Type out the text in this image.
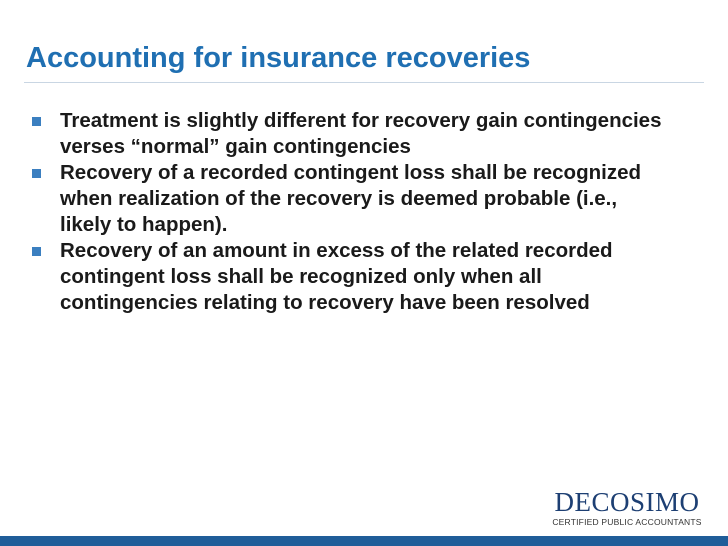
Accounting for insurance recoveries
Treatment is slightly different for recovery gain contingencies verses “normal” gain contingencies
Recovery of a recorded contingent loss shall be recognized when realization of the recovery is deemed probable (i.e., likely to happen).
Recovery of an amount in excess of the related recorded contingent loss shall be recognized only when all contingencies relating to recovery have been resolved
DECOSIMO
CERTIFIED PUBLIC ACCOUNTANTS
